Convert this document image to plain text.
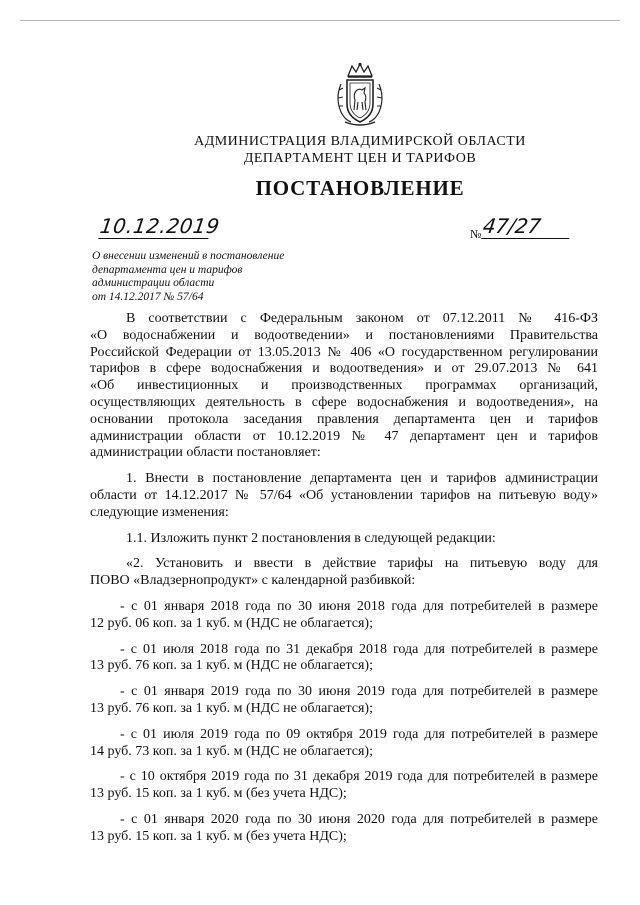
АДМИНИСТРАЦИЯ ВЛАДИМИРСКОЙ ОБЛАСТИ
ДЕПАРТАМЕНТ ЦЕН И ТАРИФОВ
ПОСТАНОВЛЕНИЕ
10.12.2019	№ 47/27
О внесении изменений в постановление
департамента цен и тарифов
администрации области
от 14.12.2017 № 57/64
В соответствии с Федеральным законом от 07.12.2011 № 416-ФЗ
«О водоснабжении и водоотведении» и постановлениями Правительства
Российской Федерации от 13.05.2013 № 406 «О государственном регулировании
тарифов в сфере водоснабжения и водоотведения» и от 29.07.2013 № 641
«Об инвестиционных и производственных программах организаций,
осуществляющих деятельность в сфере водоснабжения и водоотведения», на
основании протокола заседания правления департамента цен и тарифов
администрации области от 10.12.2019 № 47 департамент цен и тарифов
администрации области постановляет:
1. Внести в постановление департамента цен и тарифов администрации
области от 14.12.2017 № 57/64 «Об установлении тарифов на питьевую воду»
следующие изменения:
1.1. Изложить пункт 2 постановления в следующей редакции:
«2. Установить и ввести в действие тарифы на питьевую воду для
ПОВО «Владзернопродукт» с календарной разбивкой:
- с 01 января 2018 года по 30 июня 2018 года для потребителей в размере
12 руб. 06 коп. за 1 куб. м (НДС не облагается);
- с 01 июля 2018 года по 31 декабря 2018 года для потребителей в размере
13 руб. 76 коп. за 1 куб. м (НДС не облагается);
- с 01 января 2019 года по 30 июня 2019 года для потребителей в размере
13 руб. 76 коп. за 1 куб. м (НДС не облагается);
- с 01 июля 2019 года по 09 октября 2019 года для потребителей в размере
14 руб. 73 коп. за 1 куб. м (НДС не облагается);
- с 10 октября 2019 года по 31 декабря 2019 года для потребителей в размере
13 руб. 15 коп. за 1 куб. м (без учета НДС);
- с 01 января 2020 года по 30 июня 2020 года для потребителей в размере
13 руб. 15 коп. за 1 куб. м (без учета НДС);
